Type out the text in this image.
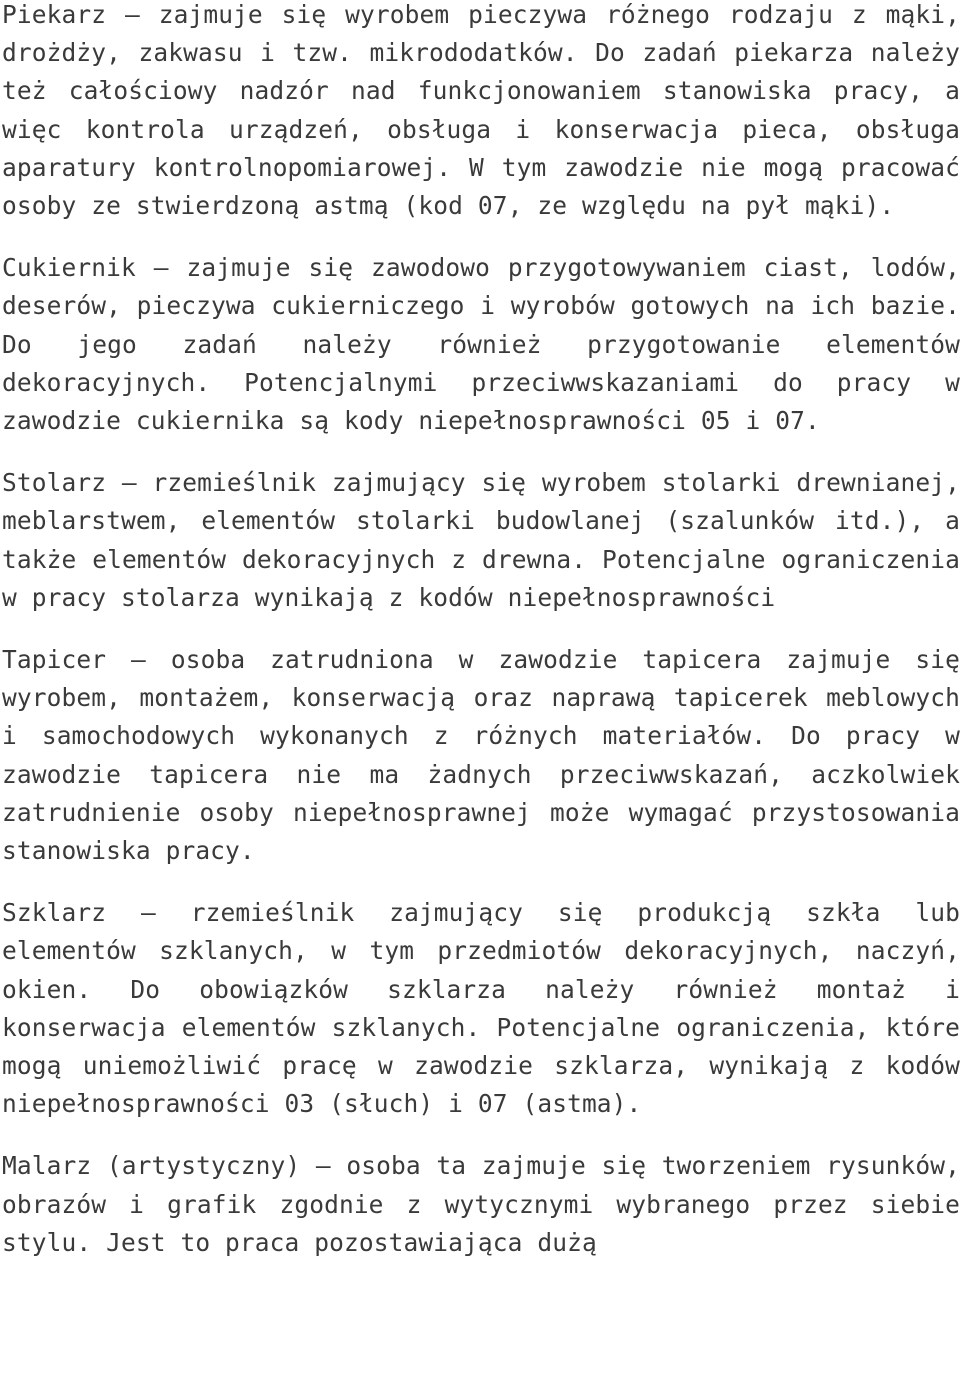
Piekarz – zajmuje się wyrobem pieczywa różnego rodzaju z mąki, drożdży, zakwasu i tzw. mikrododatków. Do zadań piekarza należy też całościowy nadzór nad funkcjonowaniem stanowiska pracy, a więc kontrola urządzeń, obsługa i konserwacja pieca, obsługa aparatury kontrolnopomiarowej. W tym zawodzie nie mogą pracować osoby ze stwierdzoną astmą (kod 07, ze względu na pył mąki).

Cukiernik – zajmuje się zawodowo przygotowywaniem ciast, lodów, deserów, pieczywa cukierniczego i wyrobów gotowych na ich bazie. Do jego zadań należy również przygotowanie elementów dekoracyjnych. Potencjalnymi przeciwwskazaniami do pracy w zawodzie cukiernika są kody niepełnosprawności 05 i 07.

Stolarz – rzemieślnik zajmujący się wyrobem stolarki drewnianej, meblarstwem, elementów stolarki budowlanej (szalunków itd.), a także elementów dekoracyjnych z drewna. Potencjalne ograniczenia w pracy stolarza wynikają z kodów niepełnosprawności

Tapicer – osoba zatrudniona w zawodzie tapicera zajmuje się wyrobem, montażem, konserwacją oraz naprawą tapicerek meblowych i samochodowych wykonanych z różnych materiałów. Do pracy w zawodzie tapicera nie ma żadnych przeciwwskazań, aczkolwiek zatrudnienie osoby niepełnosprawnej może wymagać przystosowania stanowiska pracy.

Szklarz – rzemieślnik zajmujący się produkcją szkła lub elementów szklanych, w tym przedmiotów dekoracyjnych, naczyń, okien. Do obowiązków szklarza należy również montaż i konserwacja elementów szklanych. Potencjalne ograniczenia, które mogą uniemożliwić pracę w zawodzie szklarza, wynikają z kodów niepełnosprawności 03 (słuch) i 07 (astma).

Malarz (artystyczny) – osoba ta zajmuje się tworzeniem rysunków, obrazów i grafik zgodnie z wytycznymi wybranego przez siebie stylu. Jest to praca pozostawiająca dużą
